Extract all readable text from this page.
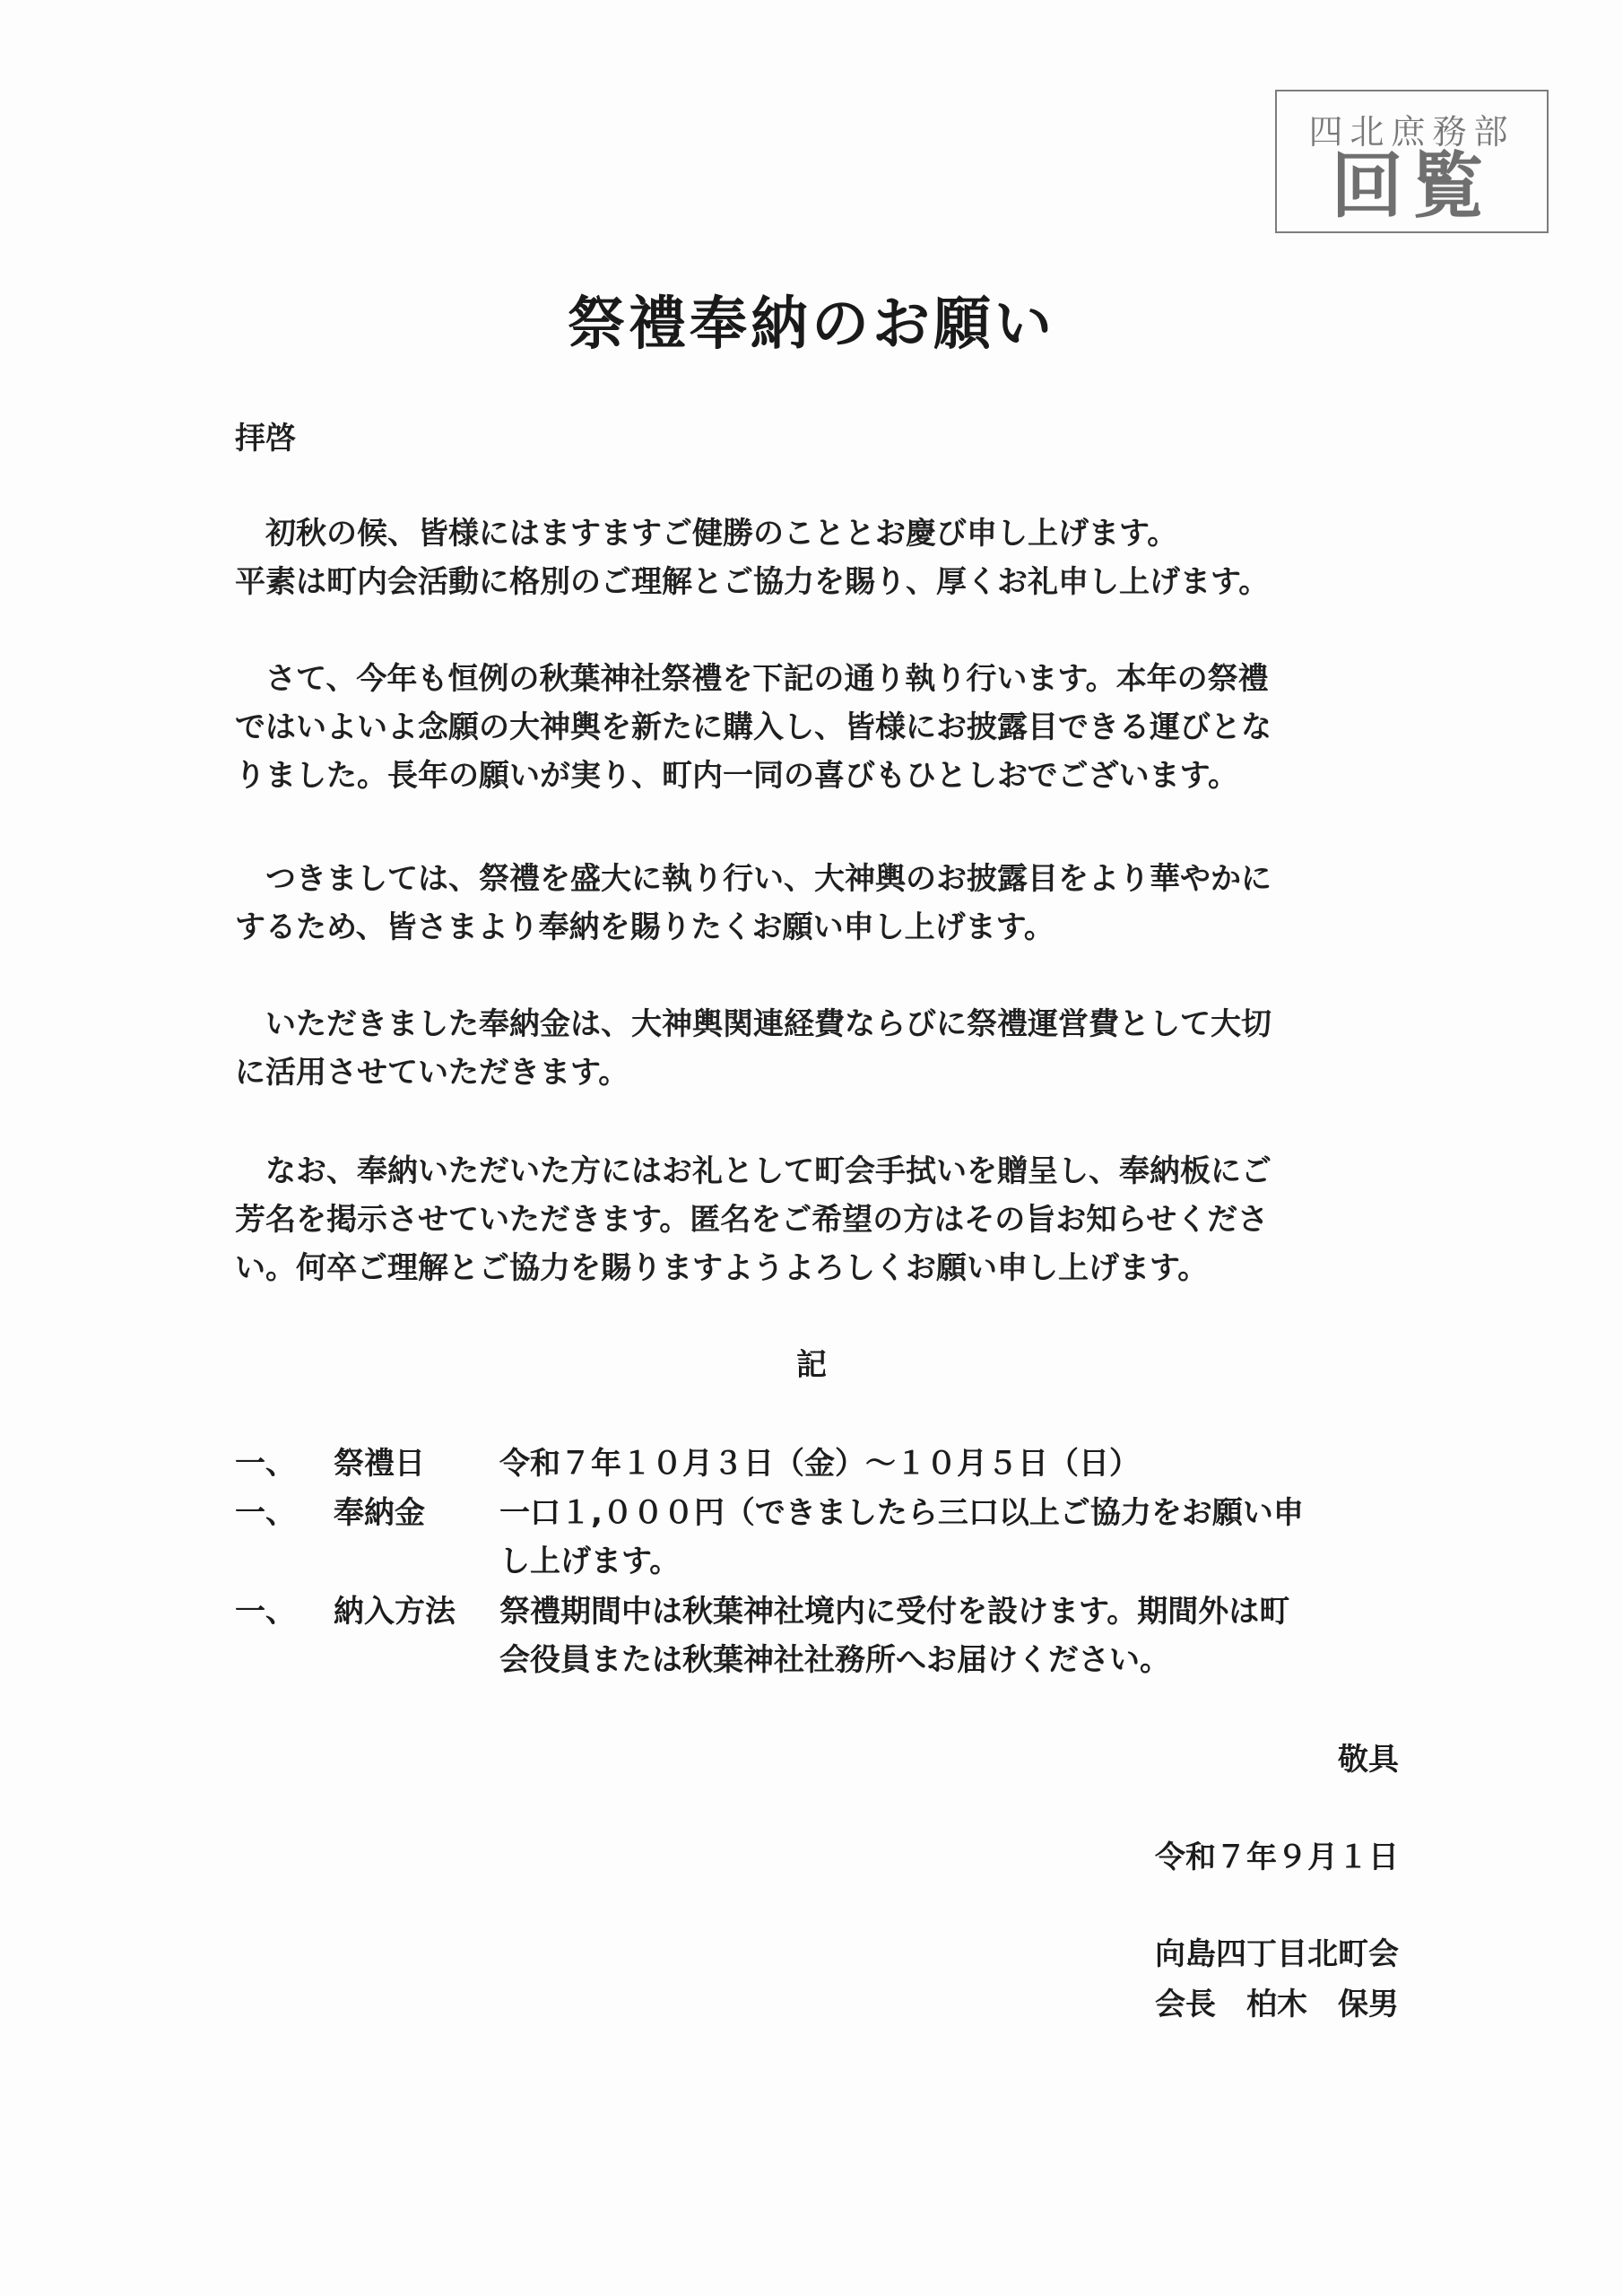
四北庶務部
回覧
祭禮奉納のお願い
拝啓
　初秋の候、皆様にはますますご健勝のこととお慶び申し上げます。
平素は町内会活動に格別のご理解とご協力を賜り、厚くお礼申し上げます。
　さて、今年も恒例の秋葉神社祭禮を下記の通り執り行います。本年の祭禮
ではいよいよ念願の大神輿を新たに購入し、皆様にお披露目できる運びとな
りました。長年の願いが実り、町内一同の喜びもひとしおでございます。
　つきましては、祭禮を盛大に執り行い、大神輿のお披露目をより華やかに
するため、皆さまより奉納を賜りたくお願い申し上げます。
　いただきました奉納金は、大神輿関連経費ならびに祭禮運営費として大切
に活用させていただきます。
　なお、奉納いただいた方にはお礼として町会手拭いを贈呈し、奉納板にご
芳名を掲示させていただきます。匿名をご希望の方はその旨お知らせくださ
い。何卒ご理解とご協力を賜りますようよろしくお願い申し上げます。
記
一、 祭禮日 令和７年１０月３日（金）～１０月５日（日）
一、 奉納金 一口１,０００円（できましたら三口以上ご協力をお願い申
し上げます。
一、 納入方法 祭禮期間中は秋葉神社境内に受付を設けます。期間外は町
会役員または秋葉神社社務所へお届けください。
敬具
令和７年９月１日
向島四丁目北町会
会長　柏木　保男
